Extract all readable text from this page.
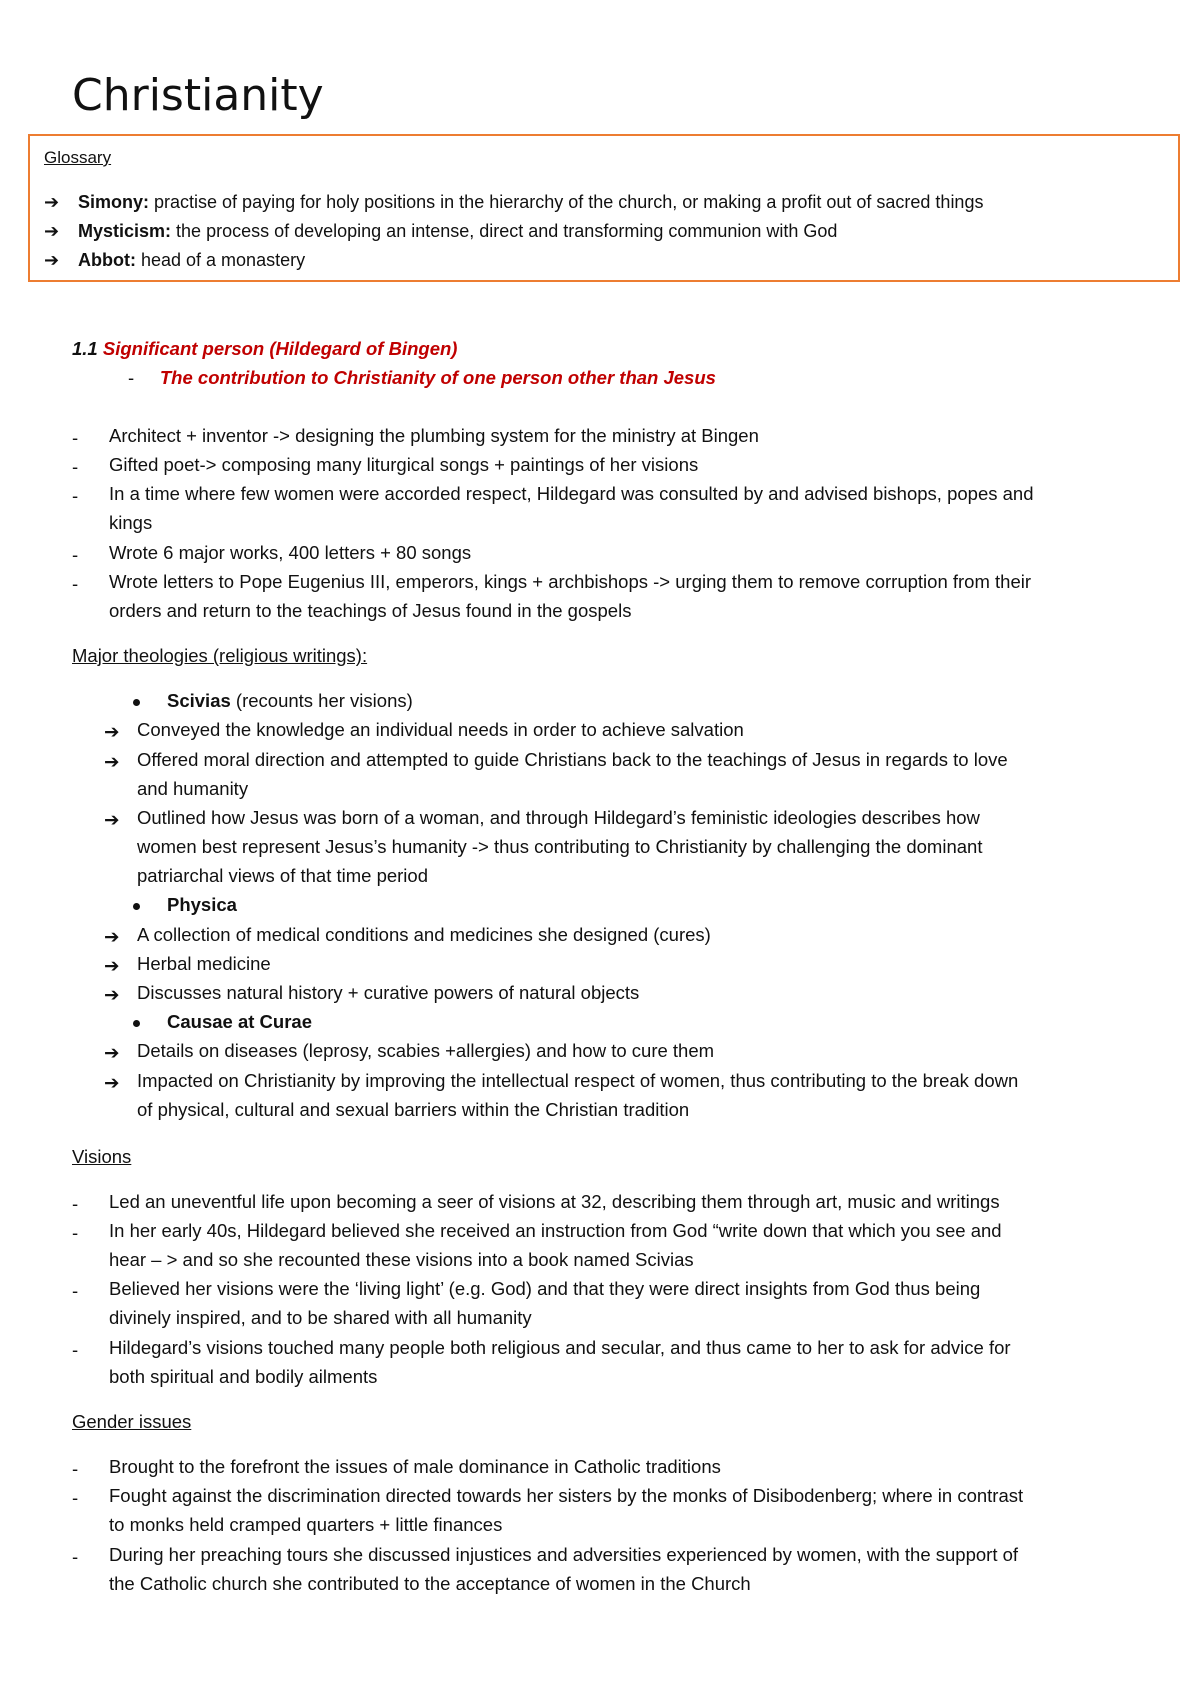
Christianity
Glossary
➔ Simony: practise of paying for holy positions in the hierarchy of the church, or making a profit out of sacred things
➔ Mysticism: the process of developing an intense, direct and transforming communion with God
➔ Abbot: head of a monastery
1.1 Significant person (Hildegard of Bingen)
- The contribution to Christianity of one person other than Jesus
- Architect + inventor -> designing the plumbing system for the ministry at Bingen
- Gifted poet-> composing many liturgical songs + paintings of her visions
- In a time where few women were accorded respect, Hildegard was consulted by and advised bishops, popes and
kings
- Wrote 6 major works, 400 letters + 80 songs
- Wrote letters to Pope Eugenius III, emperors, kings + archbishops -> urging them to remove corruption from their
orders and return to the teachings of Jesus found in the gospels
Major theologies (religious writings):
Scivias (recounts her visions)
➔ Conveyed the knowledge an individual needs in order to achieve salvation
➔ Offered moral direction and attempted to guide Christians back to the teachings of Jesus in regards to love
and humanity
➔ Outlined how Jesus was born of a woman, and through Hildegard’s feministic ideologies describes how
women best represent Jesus’s humanity -> thus contributing to Christianity by challenging the dominant
patriarchal views of that time period
Physica
➔ A collection of medical conditions and medicines she designed (cures)
➔ Herbal medicine
➔ Discusses natural history + curative powers of natural objects
Causae at Curae
➔ Details on diseases (leprosy, scabies +allergies) and how to cure them
➔ Impacted on Christianity by improving the intellectual respect of women, thus contributing to the break down
of physical, cultural and sexual barriers within the Christian tradition
Visions
- Led an uneventful life upon becoming a seer of visions at 32, describing them through art, music and writings
- In her early 40s, Hildegard believed she received an instruction from God “write down that which you see and
hear – > and so she recounted these visions into a book named Scivias
- Believed her visions were the ‘living light’ (e.g. God) and that they were direct insights from God thus being
divinely inspired, and to be shared with all humanity
- Hildegard’s visions touched many people both religious and secular, and thus came to her to ask for advice for
both spiritual and bodily ailments
Gender issues
- Brought to the forefront the issues of male dominance in Catholic traditions
- Fought against the discrimination directed towards her sisters by the monks of Disibodenberg; where in contrast
to monks held cramped quarters + little finances
- During her preaching tours she discussed injustices and adversities experienced by women, with the support of
the Catholic church she contributed to the acceptance of women in the Church
